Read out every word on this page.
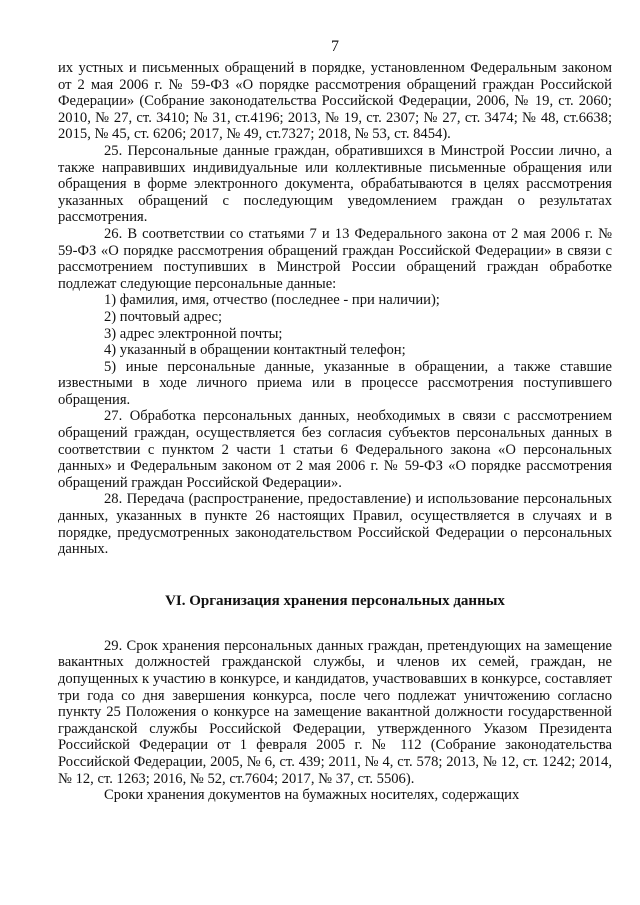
7

их устных и письменных обращений в порядке, установленном Федеральным законом от 2 мая 2006 г. № 59-ФЗ «О порядке рассмотрения обращений граждан Российской Федерации» (Собрание законодательства Российской Федерации, 2006, № 19, ст. 2060; 2010, № 27, ст. 3410; № 31, ст.4196; 2013, № 19, ст. 2307; № 27, ст. 3474; № 48, ст.6638; 2015, № 45, ст. 6206; 2017, № 49, ст.7327; 2018, № 53, ст. 8454).

25. Персональные данные граждан, обратившихся в Минстрой России лично, а также направивших индивидуальные или коллективные письменные обращения или обращения в форме электронного документа, обрабатываются в целях рассмотрения указанных обращений с последующим уведомлением граждан о результатах рассмотрения.

26. В соответствии со статьями 7 и 13 Федерального закона от 2 мая 2006 г. № 59-ФЗ «О порядке рассмотрения обращений граждан Российской Федерации» в связи с рассмотрением поступивших в Минстрой России обращений граждан обработке подлежат следующие персональные данные:

1) фамилия, имя, отчество (последнее - при наличии);

2) почтовый адрес;

3) адрес электронной почты;

4) указанный в обращении контактный телефон;

5) иные персональные данные, указанные в обращении, а также ставшие известными в ходе личного приема или в процессе рассмотрения поступившего обращения.

27. Обработка персональных данных, необходимых в связи с рассмотрением обращений граждан, осуществляется без согласия субъектов персональных данных в соответствии с пунктом 2 части 1 статьи 6 Федерального закона «О персональных данных» и Федеральным законом от 2 мая 2006 г. № 59-ФЗ «О порядке рассмотрения обращений граждан Российской Федерации».

28. Передача (распространение, предоставление) и использование персональных данных, указанных в пункте 26 настоящих Правил, осуществляется в случаях и в порядке, предусмотренных законодательством Российской Федерации о персональных данных.

VI. Организация хранения персональных данных

29. Срок хранения персональных данных граждан, претендующих на замещение вакантных должностей гражданской службы, и членов их семей, граждан, не допущенных к участию в конкурсе, и кандидатов, участвовавших в конкурсе, составляет три года со дня завершения конкурса, после чего подлежат уничтожению согласно пункту 25 Положения о конкурсе на замещение вакантной должности государственной гражданской службы Российской Федерации, утвержденного Указом Президента Российской Федерации от 1 февраля 2005 г. № 112 (Собрание законодательства Российской Федерации, 2005, № 6, ст. 439; 2011, № 4, ст. 578; 2013, № 12, ст. 1242; 2014, № 12, ст. 1263; 2016, № 52, ст.7604; 2017, № 37, ст. 5506).

Сроки хранения документов на бумажных носителях, содержащих
